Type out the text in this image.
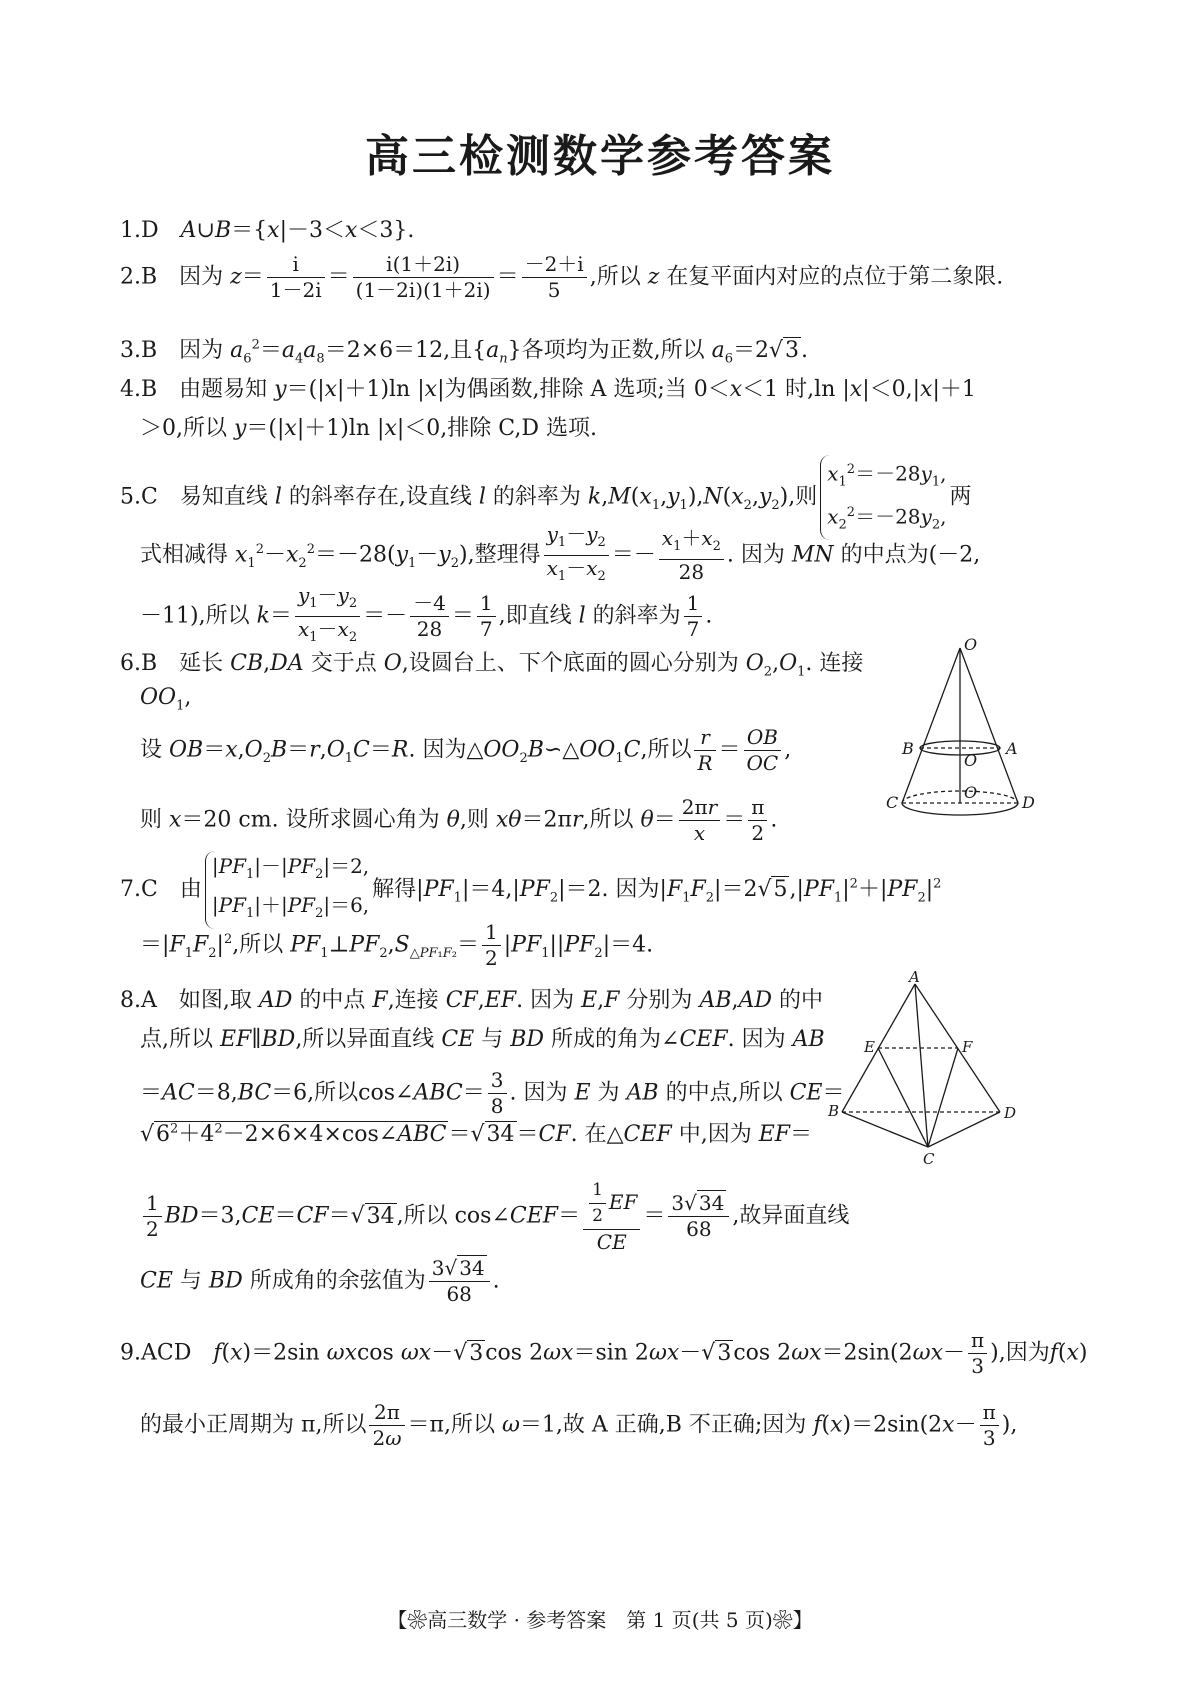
高三检测数学参考答案
1.D  A∪B＝{x|－3＜x＜3}.
2.B 因为 $z= \frac{i}{1-2i} = \frac{i(1+2i)}{(1-2i)(1+2i)} = \frac{-2+i}{5}$ ,所以 z 在复平面内对应的点位于第二象限.
3.B 因为 $a_6^2=a_4a_8=2\times 6=12$,且$\{a_n\}$各项均为正数,所以 $a_6=2√3$.
4.B 由题易知 y＝(|x|＋1)ln |x|为偶函数,排除 A 选项;当 0＜x＜1 时,ln |x|＜0,|x|＋1
＞0,所以 y＝(|x|＋1)ln |x|＜0,排除 C,D 选项.
5.C 易知直线 l 的斜率存在,设直线 l 的斜率为 $k,M(x_1,y_1),N(x_2,y_2)$,则
$x_1^2=-28y_1$,
$x_2^2=-28y_2$,
两
式相减得 $x_1^2-x_2^2=-28(y_1-y_2)$,整理得 $\frac{y_1-y_2}{x_1-x_2} =- \frac{x_1+x_2}{28}$ . 因为 MN 的中点为(－2,
－11),所以 $k= \frac{y_1-y_2}{x_1-x_2} =- \frac{-4}{28} = \frac{1}{7}$ ,即直线 l 的斜率为 $\frac{1}{7}$ .
6.B 延长 CB,DA 交于点 O,设圆台上、下个底面的圆心分别为 $O_2,O_1$. 连接
$OO_1$,
设 $OB=x,O_2B=r,O_1C=R$. 因为$\triangle OO_2B∽\triangle OO_1C$,所以 $\frac{r}{R} = \frac{OB}{OC}$ ,
则 x＝20 cm. 设所求圆心角为 θ,则 xθ＝2πr,所以 $\theta= \frac{2\pi r}{x} = \frac{\pi}{2}$ .
O
B	A
O
O
C	D
7.C 由
$|PF_1|-|PF_2|=2$,
$|PF_1|+|PF_2|=6$,
解得$|PF_1|=4,|PF_2|=2$. 因为$|F_1F_2|=2√5,|PF_1|^2+|PF_2|^2$
$=|F_1F_2|^2$,所以 $PF_1\perp PF_2,S_{\triangle PF_1F_2}= \frac{1}{2} |PF_1||PF_2|=4$.
8.A 如图,取 AD 的中点 F,连接 CF,EF. 因为 E,F 分别为 AB,AD 的中
点,所以 EF∥BD,所以异面直线 CE 与 BD 所成的角为∠CEF. 因为 AB
＝AC＝8,BC＝6,所以cos∠ABC＝ $\frac{3}{8}$ . 因为 E 为 AB 的中点,所以 CE＝
$√6^2+4^2-2\times 6\times 4\times\cos\angle ABC=√34=CF$. 在△CEF 中,因为 EF＝
$\frac{1}{2} BD=3,CE=CF=√34$,所以 cos∠CEF＝ $\frac{\frac{1}{2} EF}{CE} = \frac{3√ 34}{68}$ ,故异面直线
CE 与 BD 所成角的余弦值为 $\frac{3√ 34}{68}$ .
A
E	F
B	D
C
9.ACD  f(x)＝2sin ωxcos ωx－√3cos 2ωx＝sin 2ωx－√3cos $2\omega x=2\sin(2\omega x- \frac{\pi}{3}$ ),因为f(x)
的最小正周期为 π,所以 $\frac{2\pi}{2\omega} =\pi$,所以 ω＝1,故 A 正确,B 不正确;因为 $f(x)=2\sin(2x- \frac{\pi}{3}$ ),
【❀高三数学 · 参考答案　第 1 页(共 5 页)❀】
